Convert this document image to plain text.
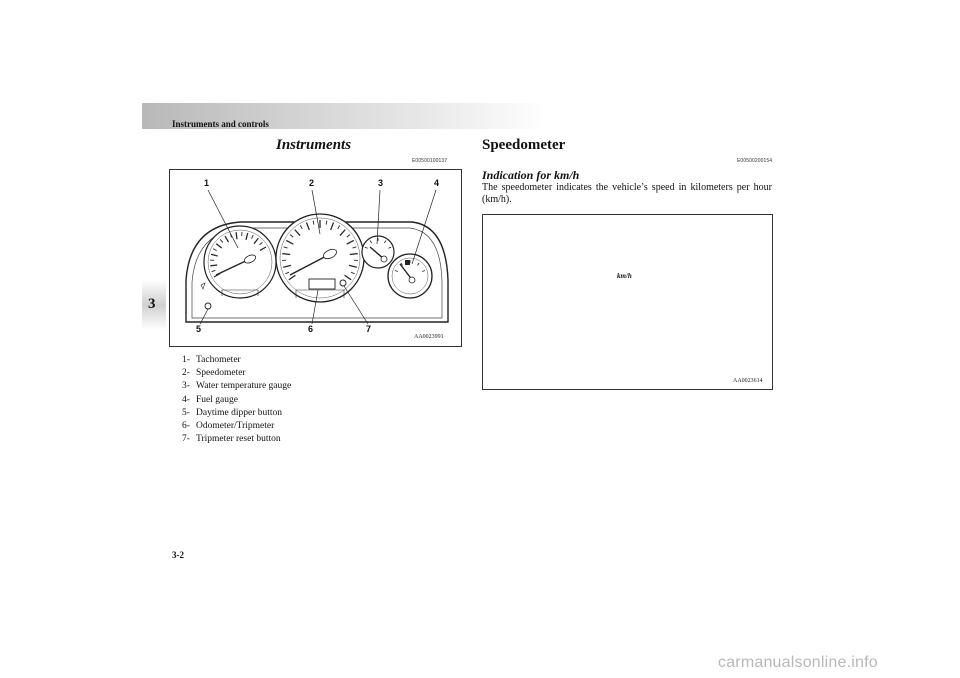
Instruments and controls
3
Instruments
E00500100137
1	2	3	4
5	6	7
AA0023991
1- Tachometer
2- Speedometer
3- Water temperature gauge
4- Fuel gauge
5- Daytime dipper button
6- Odometer/Tripmeter
7- Tripmeter reset button
Speedometer
E00500200154
Indication for km/h

The speedometer indicates the vehicle’s speed in kilometers per hour (km/h).

km/h
AA0023614
3-2
carmanualsonline.info
